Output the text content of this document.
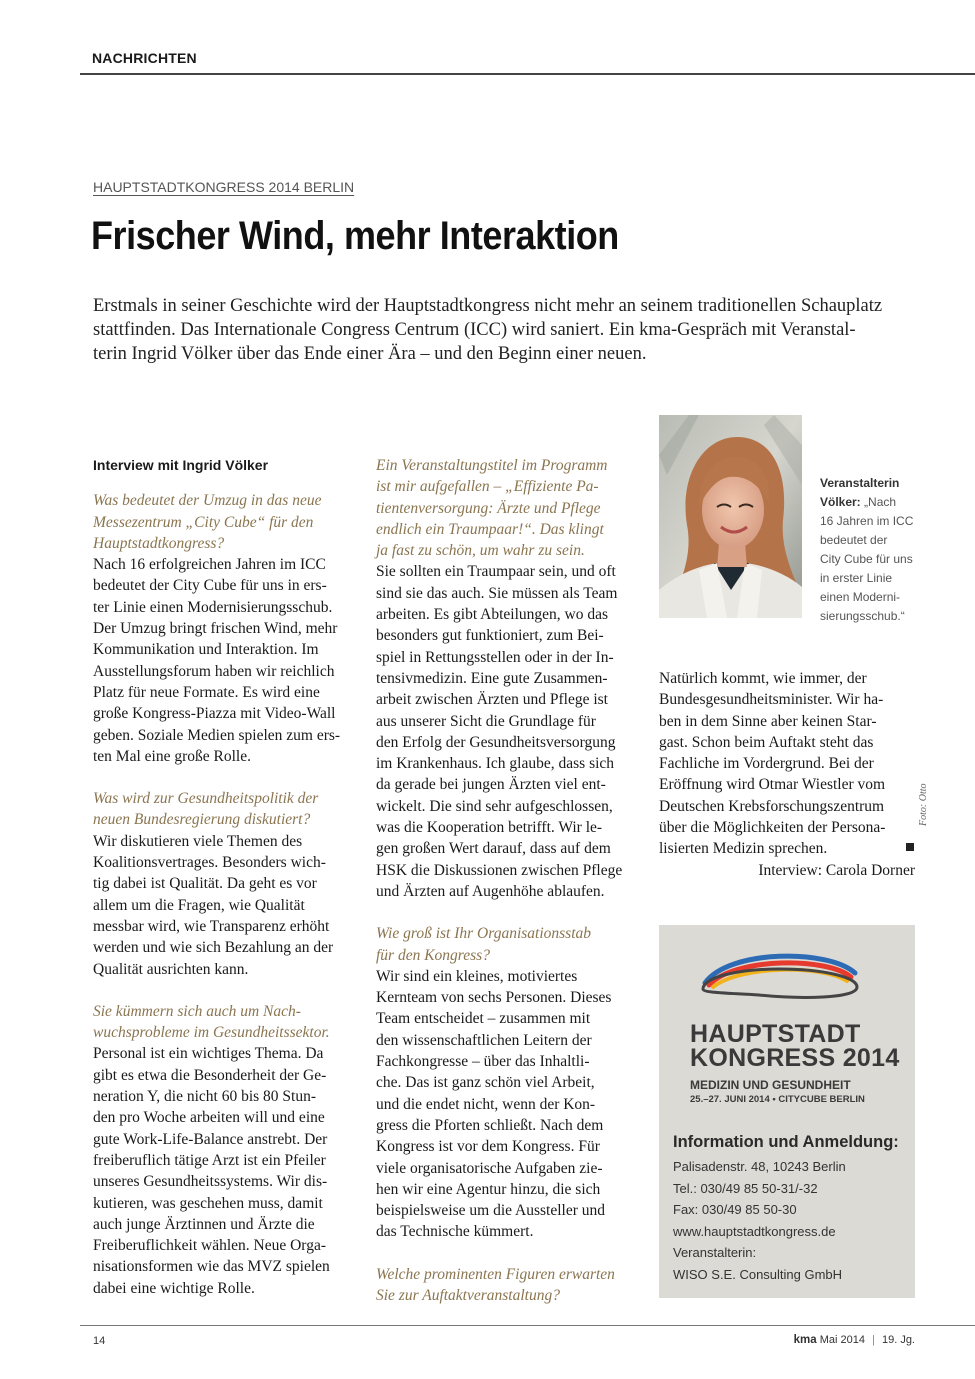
NACHRICHTEN
HAUPTSTADTKONGRESS 2014 BERLIN
Frischer Wind, mehr Interaktion
Erstmals in seiner Geschichte wird der Hauptstadtkongress nicht mehr an seinem traditionellen Schauplatz
stattfinden. Das Internationale Congress Centrum (ICC) wird saniert. Ein kma-Gespräch mit Veranstal-
terin Ingrid Völker über das Ende einer Ära – und den Beginn einer neuen.
Interview mit Ingrid Völker
Was bedeutet der Umzug in das neue
Messezentrum „City Cube“ für den
Hauptstadtkongress?
Nach 16 erfolgreichen Jahren im ICC
bedeutet der City Cube für uns in ers-
ter Linie einen Modernisierungsschub.
Der Umzug bringt frischen Wind, mehr
Kommunikation und Interaktion. Im
Ausstellungsforum haben wir reichlich
Platz für neue Formate. Es wird eine
große Kongress-Piazza mit Video-Wall
geben. Soziale Medien spielen zum ers-
ten Mal eine große Rolle.
Was wird zur Gesundheitspolitik der
neuen Bundesregierung diskutiert?
Wir diskutieren viele Themen des
Koalitionsvertrages. Besonders wich-
tig dabei ist Qualität. Da geht es vor
allem um die Fragen, wie Qualität
messbar wird, wie Transparenz erhöht
werden und wie sich Bezahlung an der
Qualität ausrichten kann.
Sie kümmern sich auch um Nach-
wuchsprobleme im Gesundheitssektor.
Personal ist ein wichtiges Thema. Da
gibt es etwa die Besonderheit der Ge-
neration Y, die nicht 60 bis 80 Stun-
den pro Woche arbeiten will und eine
gute Work-Life-Balance anstrebt. Der
freiberuflich tätige Arzt ist ein Pfeiler
unseres Gesundheitssystems. Wir dis-
kutieren, was geschehen muss, damit
auch junge Ärztinnen und Ärzte die
Freiberuflichkeit wählen. Neue Orga-
nisationsformen wie das MVZ spielen
dabei eine wichtige Rolle.
Ein Veranstaltungstitel im Programm
ist mir aufgefallen – „Effiziente Pa-
tientenversorgung: Ärzte und Pflege
endlich ein Traumpaar!“. Das klingt
ja fast zu schön, um wahr zu sein.
Sie sollten ein Traumpaar sein, und oft
sind sie das auch. Sie müssen als Team
arbeiten. Es gibt Abteilungen, wo das
besonders gut funktioniert, zum Bei-
spiel in Rettungsstellen oder in der In-
tensivmedizin. Eine gute Zusammen-
arbeit zwischen Ärzten und Pflege ist
aus unserer Sicht die Grundlage für
den Erfolg der Gesundheitsversorgung
im Krankenhaus. Ich glaube, dass sich
da gerade bei jungen Ärzten viel ent-
wickelt. Die sind sehr aufgeschlossen,
was die Kooperation betrifft. Wir le-
gen großen Wert darauf, dass auf dem
HSK die Diskussionen zwischen Pflege
und Ärzten auf Augenhöhe ablaufen.
Wie groß ist Ihr Organisationsstab
für den Kongress?
Wir sind ein kleines, motiviertes
Kernteam von sechs Personen. Dieses
Team entscheidet – zusammen mit
den wissenschaftlichen Leitern der
Fachkongresse – über das Inhaltli-
che. Das ist ganz schön viel Arbeit,
und die endet nicht, wenn der Kon-
gress die Pforten schließt. Nach dem
Kongress ist vor dem Kongress. Für
viele organisatorische Aufgaben zie-
hen wir eine Agentur hinzu, die sich
beispielsweise um die Aussteller und
das Technische kümmert.
Welche prominenten Figuren erwarten
Sie zur Auftaktveranstaltung?
Veranstalterin
Völker: „Nach
16 Jahren im ICC
bedeutet der
City Cube für uns
in erster Linie
einen Moderni-
sierungsschub.“
Natürlich kommt, wie immer, der
Bundesgesundheitsminister. Wir ha-
ben in dem Sinne aber keinen Star-
gast. Schon beim Auftakt steht das
Fachliche im Vordergrund. Bei der
Eröffnung wird Otmar Wiestler vom
Deutschen Krebsforschungszentrum
über die Möglichkeiten der Persona-
lisierten Medizin sprechen.
Interview: Carola Dorner
Foto: Otto
HAUPTSTADT
KONGRESS 2014
MEDIZIN UND GESUNDHEIT
25.–27. JUNI 2014 • CITYCUBE BERLIN
Information und Anmeldung:
Palisadenstr. 48, 10243 Berlin
Tel.: 030/49 85 50-31/-32
Fax: 030/49 85 50-30
www.hauptstadtkongress.de
Veranstalterin:
WISO S.E. Consulting GmbH
14	kma Mai 2014 | 19. Jg.
